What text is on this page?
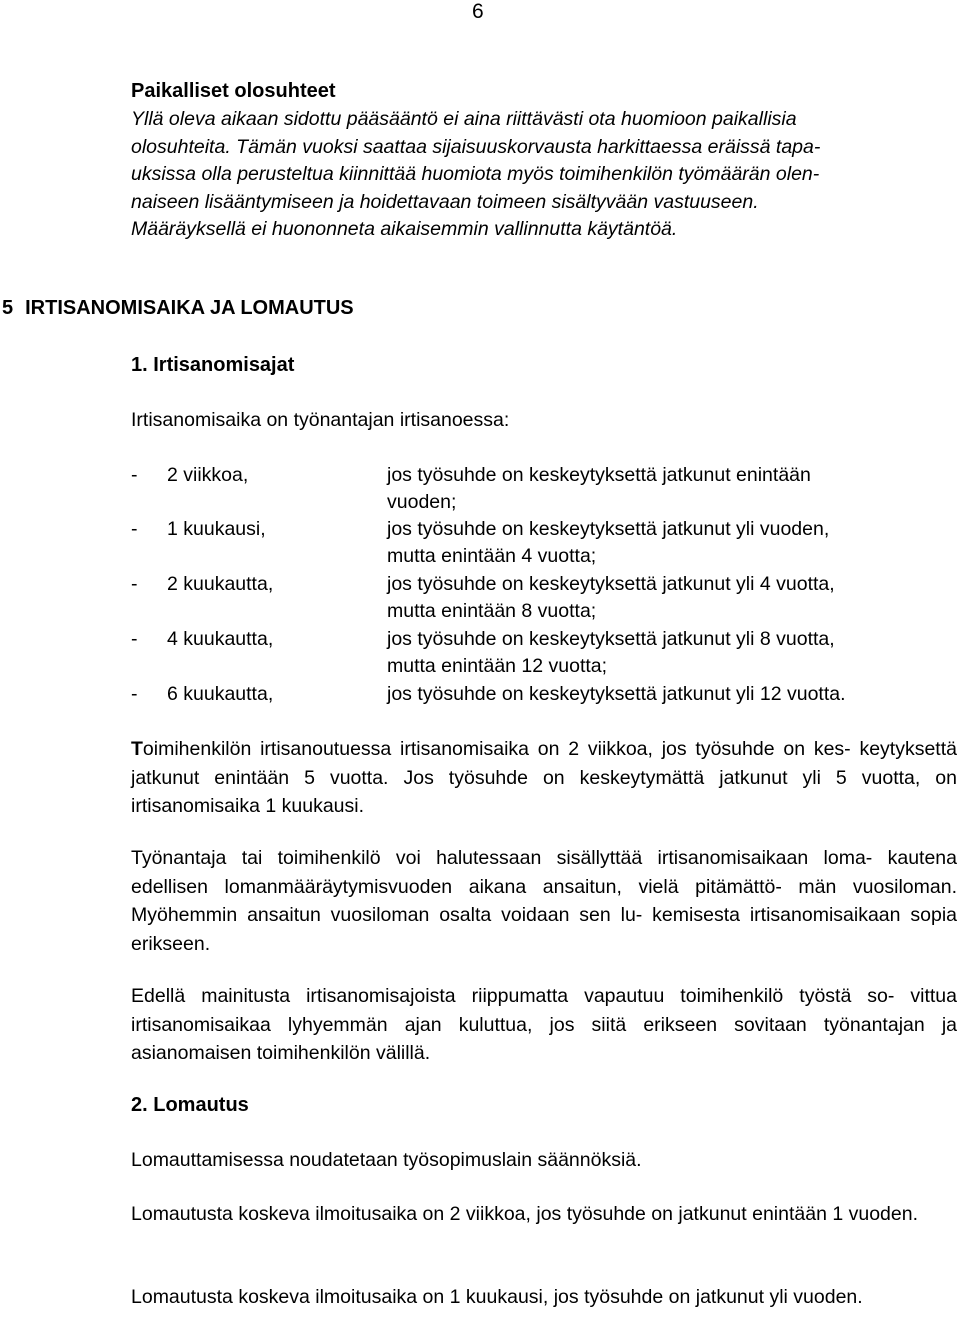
6
Paikalliset olosuhteet
Yllä oleva aikaan sidottu pääsääntö ei aina riittävästi ota huomioon paikallisia
olosuhteita. Tämän vuoksi saattaa sijaisuuskorvausta harkittaessa eräissä tapa-
uksissa olla perusteltua kiinnittää huomiota myös toimihenkilön työmäärän olen-
naiseen lisääntymiseen ja hoidettavaan toimeen sisältyvään vastuuseen.
Määräyksellä ei huononneta aikaisemmin vallinnutta käytäntöä.
5 IRTISANOMISAIKA JA LOMAUTUS
1. Irtisanomisajat
Irtisanomisaika on työnantajan irtisanoessa:
- 2 viikkoa,	jos työsuhde on keskeytyksettä jatkunut enintään
vuoden;
- 1 kuukausi,	jos työsuhde on keskeytyksettä jatkunut yli vuoden,
mutta enintään 4 vuotta;
- 2 kuukautta,	jos työsuhde on keskeytyksettä jatkunut yli 4 vuotta,
mutta enintään 8 vuotta;
- 4 kuukautta,	jos työsuhde on keskeytyksettä jatkunut yli 8 vuotta,
mutta enintään 12 vuotta;
- 6 kuukautta,	jos työsuhde on keskeytyksettä jatkunut yli 12 vuotta.
Toimihenkilön irtisanoutuessa irtisanomisaika on 2 viikkoa, jos työsuhde on kes- keytyksettä jatkunut enintään 5 vuotta. Jos työsuhde on keskeytymättä jatkunut yli 5 vuotta, on irtisanomisaika 1 kuukausi.
Työnantaja tai toimihenkilö voi halutessaan sisällyttää irtisanomisaikaan loma- kautena edellisen lomanmääräytymisvuoden aikana ansaitun, vielä pitämättö- män vuosiloman. Myöhemmin ansaitun vuosiloman osalta voidaan sen lu- kemisesta irtisanomisaikaan sopia erikseen.
Edellä mainitusta irtisanomisajoista riippumatta vapautuu toimihenkilö työstä so- vittua irtisanomisaikaa lyhyemmän ajan kuluttua, jos siitä erikseen sovitaan työnantajan ja asianomaisen toimihenkilön välillä.
2. Lomautus
Lomauttamisessa noudatetaan työsopimuslain säännöksiä.
Lomautusta koskeva ilmoitusaika on 2 viikkoa, jos työsuhde on jatkunut enintään 1 vuoden.
Lomautusta koskeva ilmoitusaika on 1 kuukausi, jos työsuhde on jatkunut yli vuoden.
